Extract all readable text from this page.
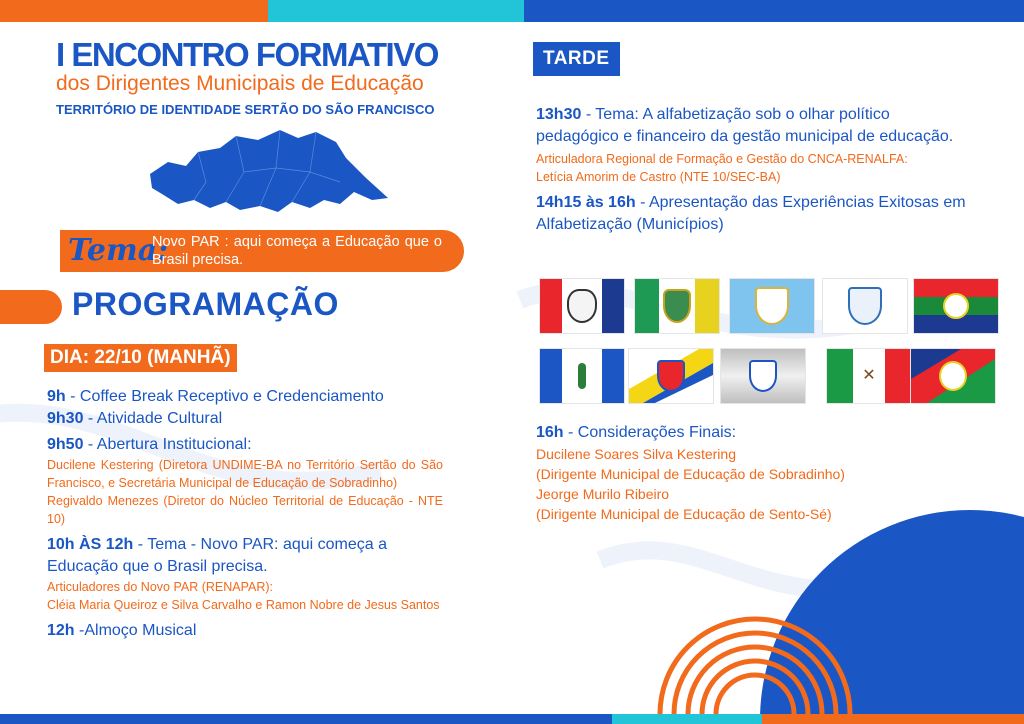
I ENCONTRO FORMATIVO
dos Dirigentes Municipais de Educação
TERRITÓRIO DE IDENTIDADE SERTÃO DO SÃO FRANCISCO
Tema:
Novo PAR : aqui começa a Educação que o Brasil precisa.
PROGRAMAÇÃO
DIA: 22/10 (MANHÃ)
9h - Coffee Break Receptivo e Credenciamento
9h30 - Atividade Cultural
9h50 - Abertura Institucional:
Ducilene Kestering (Diretora UNDIME-BA no Território Sertão do São Francisco, e Secretária Municipal de Educação de Sobradinho)
Regivaldo Menezes (Diretor do Núcleo Territorial de Educação - NTE 10)
10h ÀS 12h - Tema - Novo PAR: aqui começa a Educação que o Brasil precisa.
Articuladores do Novo PAR (RENAPAR):
Cléia Maria Queiroz e Silva Carvalho e Ramon Nobre de Jesus Santos
12h -Almoço Musical
TARDE
13h30 - Tema: A alfabetização sob o olhar político pedagógico e financeiro da gestão municipal de educação.
Articuladora Regional de Formação e Gestão do CNCA-RENALFA:
Letícia Amorim de Castro (NTE 10/SEC-BA)
14h15 às 16h - Apresentação das Experiências Exitosas em Alfabetização (Municípios)
✕
16h - Considerações Finais:
Ducilene Soares Silva Kestering
(Dirigente Municipal de Educação de Sobradinho)
Jeorge Murilo Ribeiro
(Dirigente Municipal de Educação de Sento-Sé)
